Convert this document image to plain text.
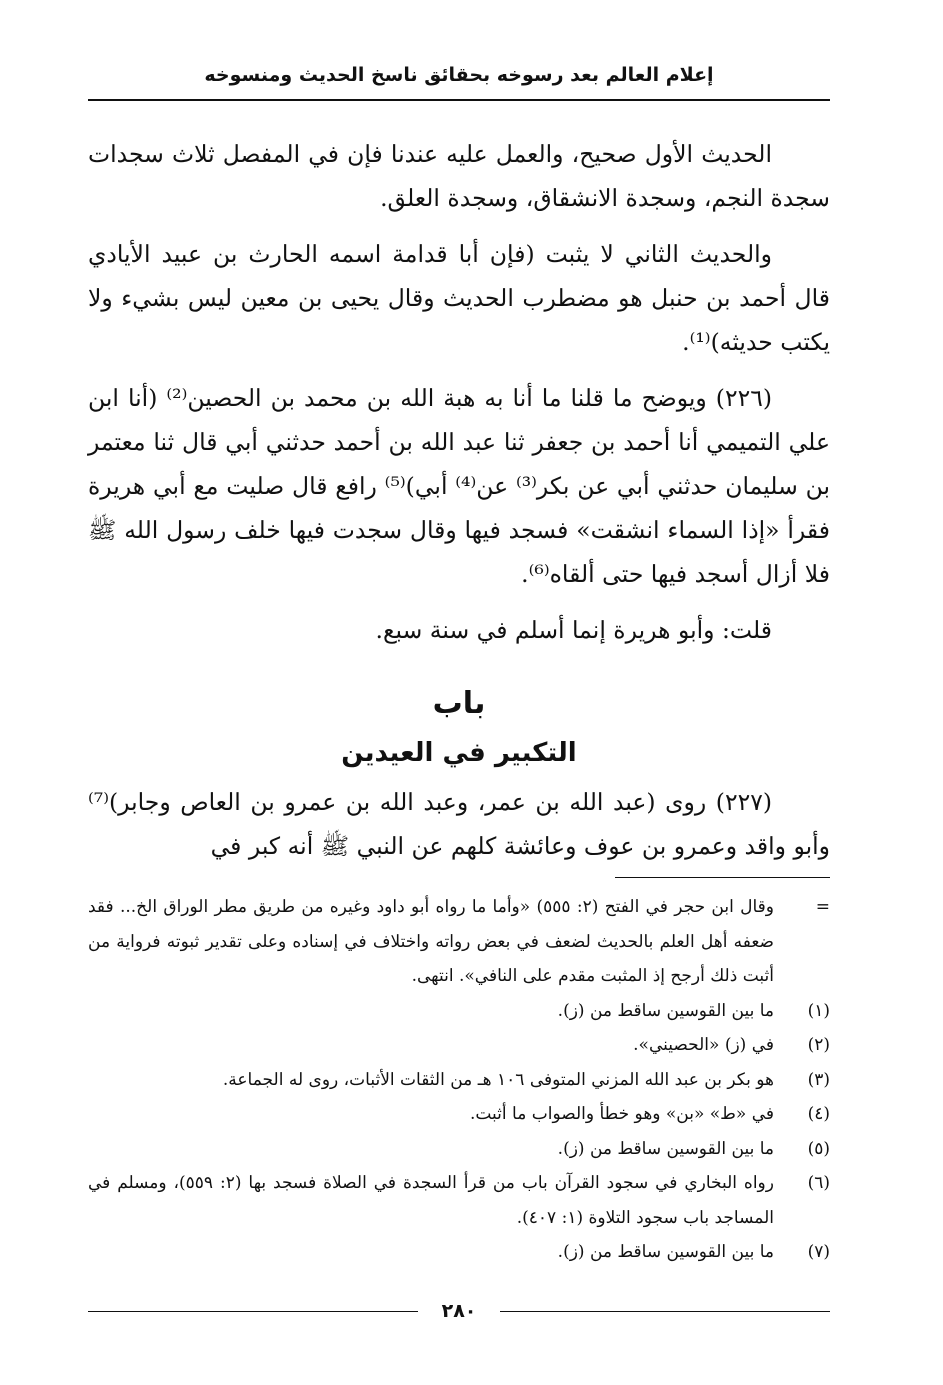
إعلام العالم بعد رسوخه بحقائق ناسخ الحديث ومنسوخه

الحديث الأول صحيح، والعمل عليه عندنا فإن في المفصل ثلاث سجدات سجدة النجم، وسجدة الانشقاق، وسجدة العلق.

والحديث الثاني لا يثبت (فإن أبا قدامة اسمه الحارث بن عبيد الأيادي قال أحمد بن حنبل هو مضطرب الحديث وقال يحيى بن معين ليس بشيء ولا يكتب حديثه)⁽¹⁾.

(٢٢٦) ويوضح ما قلنا ما أنا به هبة الله بن محمد بن الحصين⁽²⁾ (أنا ابن علي التميمي أنا أحمد بن جعفر ثنا عبد الله بن أحمد حدثني أبي قال ثنا معتمر بن سليمان حدثني أبي عن بكر⁽³⁾ عن⁽⁴⁾ أبي)⁽⁵⁾ رافع قال صليت مع أبي هريرة فقرأ «إذا السماء انشقت» فسجد فيها وقال سجدت فيها خلف رسول الله ﷺ فلا أزال أسجد فيها حتى ألقاه⁽⁶⁾.

قلت: وأبو هريرة إنما أسلم في سنة سبع.

باب
التكبير في العيدين

(٢٢٧) روى (عبد الله بن عمر، وعبد الله بن عمرو بن العاص وجابر)⁽⁷⁾ وأبو واقد وعمرو بن عوف وعائشة كلهم عن النبي ﷺ أنه كبر في

=
وقال ابن حجر في الفتح (٢: ٥٥٥) «وأما ما رواه أبو داود وغيره من طريق مطر الوراق الخ... فقد ضعفه أهل العلم بالحديث لضعف في بعض رواته واختلاف في إسناده وعلى تقدير ثبوته فرواية من أثبت ذلك أرجح إذ المثبت مقدم على النافي». انتهى.
(١)
ما بين القوسين ساقط من (ز).
(٢)
في (ز) «الحصيني».
(٣)
هو بكر بن عبد الله المزني المتوفى ١٠٦ هـ من الثقات الأثبات، روى له الجماعة.
(٤)
في «ط» «بن» وهو خطأ والصواب ما أثبت.
(٥)
ما بين القوسين ساقط من (ز).
(٦)
رواه البخاري في سجود القرآن باب من قرأ السجدة في الصلاة فسجد بها (٢: ٥٥٩)، ومسلم في المساجد باب سجود التلاوة (١: ٤٠٧).
(٧)
ما بين القوسين ساقط من (ز).
٢٨٠
